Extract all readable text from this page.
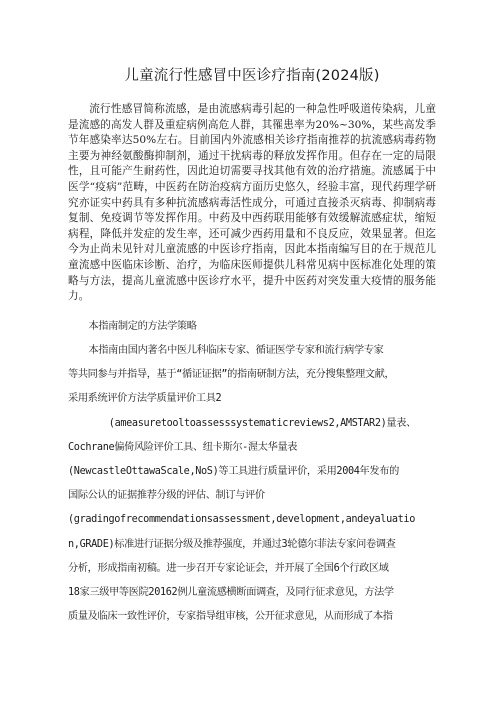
儿童流行性感冒中医诊疗指南(2024版)

流行性感冒简称流感，是由流感病毒引起的一种急性呼吸道传染病，儿童是流感的高发人群及重症病例高危人群，其罹患率为20%~30%，某些高发季节年感染率达50%左右。目前国内外流感相关诊疗指南推荐的抗流感病毒药物主要为神经氨酸酶抑制剂，通过干扰病毒的释放发挥作用。但存在一定的局限性，且可能产生耐药性，因此迫切需要寻找其他有效的治疗措施。流感属于中医学“疫病”范畴，中医药在防治疫病方面历史悠久，经验丰富，现代药理学研究亦证实中药具有多种抗流感病毒活性成分，可通过直接杀灭病毒、抑制病毒复制、免疫调节等发挥作用。中药及中西药联用能够有效缓解流感症状，缩短病程，降低并发症的发生率，还可减少西药用量和不良反应，效果显著。但迄今为止尚未见针对儿童流感的中医诊疗指南，因此本指南编写目的在于规范儿童流感中医临床诊断、治疗，为临床医师提供儿科常见病中医标准化处理的策略与方法，提高儿童流感中医诊疗水平，提升中医药对突发重大疫情的服务能力。

本指南制定的方法学策略
本指南由国内著名中医儿科临床专家、循证医学专家和流行病学专家
等共同参与并指导，基于“循证证据”的指南研制方法，充分搜集整理文献，
采用系统评价方法学质量评价工具2
(ameasuretooltoassesssystematicreviews2,AMSTAR2)量表、
Cochrane偏倚风险评价工具、纽卡斯尔-渥太华量表
(NewcastleOttawaScale,NoS)等工具进行质量评价，采用2004年发布的
国际公认的证据推荐分级的评估、制订与评价
(gradingofrecommendationsassessment,development,andeyaluatio
n,GRADE)标准进行证据分级及推荐强度，并通过3轮德尔菲法专家问卷调查
分析，形成指南初稿。进一步召开专家论证会，并开展了全国6个行政区域
18家三级甲等医院20162例儿童流感横断面调查，及同行征求意见，方法学
质量及临床一致性评价，专家指导组审核，公开征求意见，从而形成了本指
